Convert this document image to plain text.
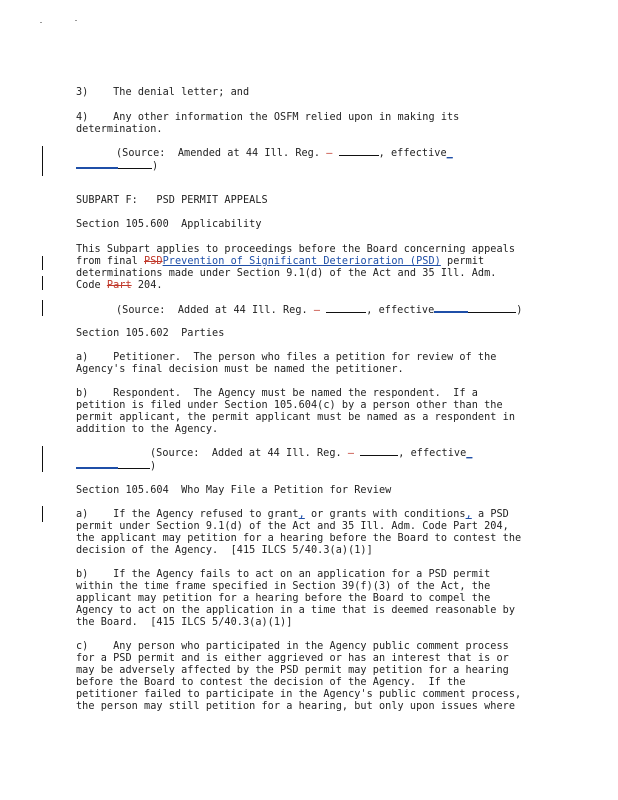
3)    The denial letter; and
4)    Any other information the OSFM relied upon in making its
determination.
(Source:  Amended at 44 Ill. Reg. —	, effective_
)
SUBPART F:   PSD PERMIT APPEALS
Section 105.600  Applicability
This Subpart applies to proceedings before the Board concerning appeals
from final PSDPrevention of Significant Deterioration (PSD) permit
determinations made under Section 9.1(d) of the Act and 35 Ill. Adm.
Code Part 204.
(Source:  Added at 44 Ill. Reg. —	, effective	)
Section 105.602  Parties
a)    Petitioner.  The person who files a petition for review of the
Agency's final decision must be named the petitioner.
b)    Respondent.  The Agency must be named the respondent.  If a
petition is filed under Section 105.604(c) by a person other than the
permit applicant, the permit applicant must be named as a respondent in
addition to the Agency.
(Source:  Added at 44 Ill. Reg. —	, effective_
)
Section 105.604  Who May File a Petition for Review
a)    If the Agency refused to grant, or grants with conditions, a PSD
permit under Section 9.1(d) of the Act and 35 Ill. Adm. Code Part 204,
the applicant may petition for a hearing before the Board to contest the
decision of the Agency.  [415 ILCS 5/40.3(a)(1)]
b)    If the Agency fails to act on an application for a PSD permit
within the time frame specified in Section 39(f)(3) of the Act, the
applicant may petition for a hearing before the Board to compel the
Agency to act on the application in a time that is deemed reasonable by
the Board.  [415 ILCS 5/40.3(a)(1)]
c)    Any person who participated in the Agency public comment process
for a PSD permit and is either aggrieved or has an interest that is or
may be adversely affected by the PSD permit may petition for a hearing
before the Board to contest the decision of the Agency.  If the
petitioner failed to participate in the Agency's public comment process,
the person may still petition for a hearing, but only upon issues where
